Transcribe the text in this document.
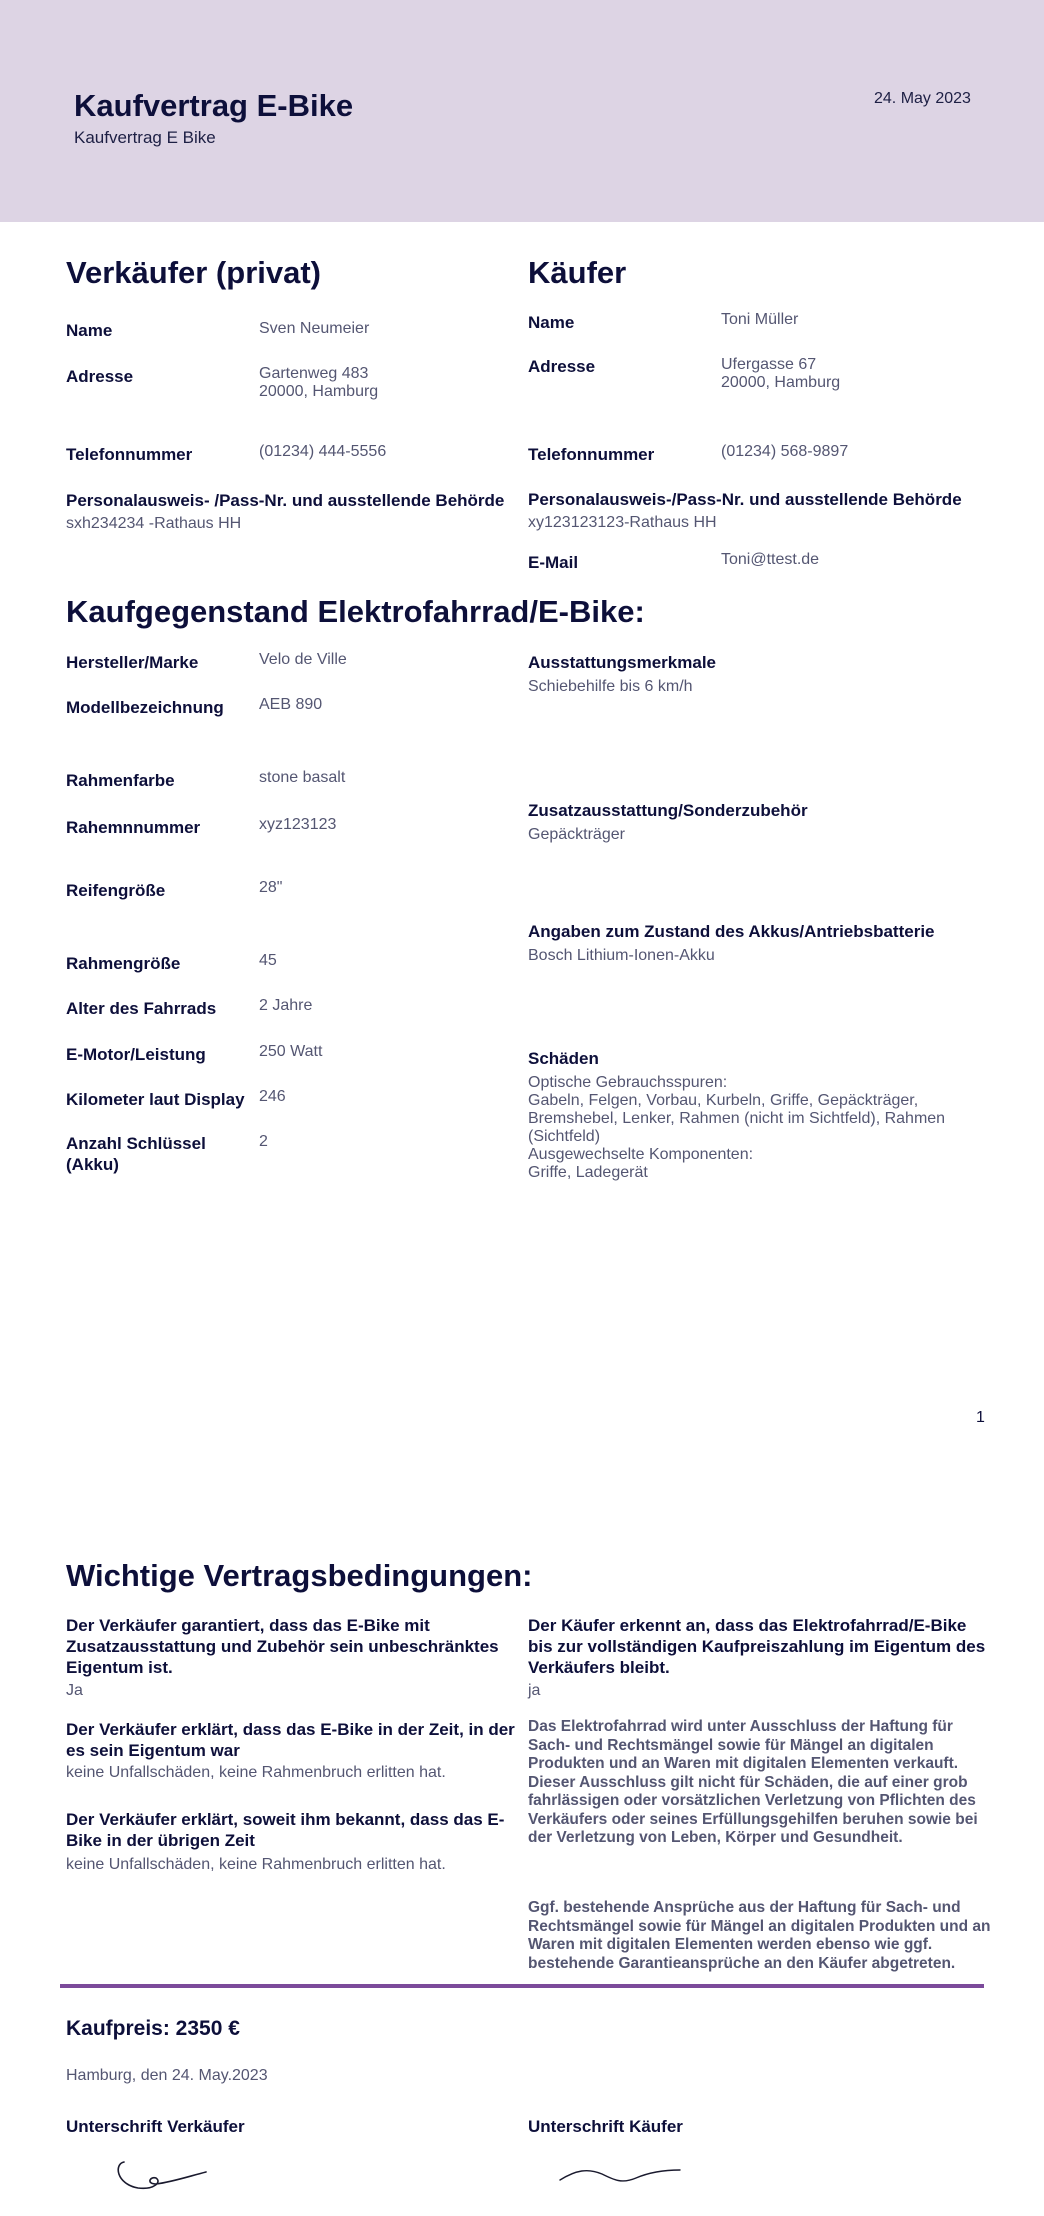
Kaufvertrag E-Bike
Kaufvertrag E Bike
24. May 2023
Verkäufer (privat)
Name	Sven Neumeier
Adresse	Gartenweg 483
20000, Hamburg
Telefonnummer	(01234) 444-5556
Personalausweis- /Pass-Nr. und ausstellende Behörde
sxh234234 -Rathaus HH
Käufer
Name	Toni Müller
Adresse	Ufergasse 67
20000, Hamburg
Telefonnummer	(01234) 568-9897
Personalausweis-/Pass-Nr. und ausstellende Behörde
xy123123123-Rathaus HH
E-Mail	Toni@ttest.de
Kaufgegenstand Elektrofahrrad/E-Bike:
Hersteller/Marke	Velo de Ville
Modellbezeichnung AEB 890
Rahmenfarbe	stone basalt
Rahemnnummer	xyz123123
Reifengröße	28"
Rahmengröße	45
Alter des Fahrrads	2 Jahre
E-Motor/Leistung	250 Watt
Kilometer laut Display 246
Anzahl Schlüssel
(Akku)
2
Ausstattungsmerkmale
Schiebehilfe bis 6 km/h
Zusatzausstattung/Sonderzubehör
Gepäckträger
Angaben zum Zustand des Akkus/Antriebsbatterie
Bosch Lithium-Ionen-Akku
Schäden
Optische Gebrauchsspuren:
Gabeln, Felgen, Vorbau, Kurbeln, Griffe, Gepäckträger,
Bremshebel, Lenker, Rahmen (nicht im Sichtfeld), Rahmen
(Sichtfeld)
Ausgewechselte Komponenten:
Griffe, Ladegerät
1
Wichtige Vertragsbedingungen:
Der Verkäufer garantiert, dass das E-Bike mit
Zusatzausstattung und Zubehör sein unbeschränktes
Eigentum ist.
Ja
Der Verkäufer erklärt, dass das E-Bike in der Zeit, in der
es sein Eigentum war
keine Unfallschäden, keine Rahmenbruch erlitten hat.
Der Verkäufer erklärt, soweit ihm bekannt, dass das E-
Bike in der übrigen Zeit
keine Unfallschäden, keine Rahmenbruch erlitten hat.
Der Käufer erkennt an, dass das Elektrofahrrad/E-Bike
bis zur vollständigen Kaufpreiszahlung im Eigentum des
Verkäufers bleibt.
ja
Das Elektrofahrrad wird unter Ausschluss der Haftung für
Sach- und Rechtsmängel sowie für Mängel an digitalen
Produkten und an Waren mit digitalen Elementen verkauft.
Dieser Ausschluss gilt nicht für Schäden, die auf einer grob
fahrlässigen oder vorsätzlichen Verletzung von Pflichten des
Verkäufers oder seines Erfüllungsgehilfen beruhen sowie bei
der Verletzung von Leben, Körper und Gesundheit.
Ggf. bestehende Ansprüche aus der Haftung für Sach- und
Rechtsmängel sowie für Mängel an digitalen Produkten und an
Waren mit digitalen Elementen werden ebenso wie ggf.
bestehende Garantieansprüche an den Käufer abgetreten.
Kaufpreis: 2350 €
Hamburg, den 24. May.2023
Unterschrift Verkäufer	Unterschrift Käufer
